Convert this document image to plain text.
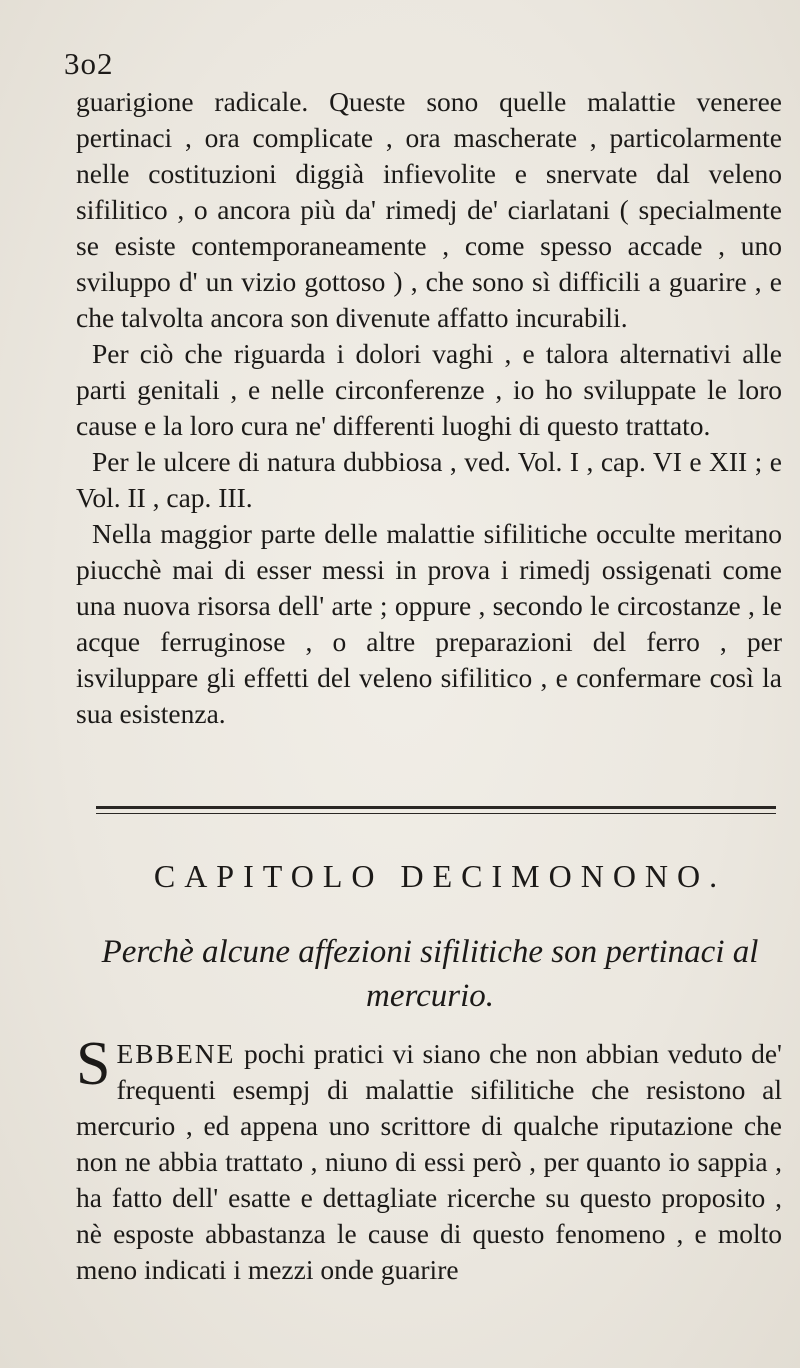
3o2

guarigione radicale. Queste sono quelle malattie veneree pertinaci , ora complicate , ora mascherate , particolarmente nelle costituzioni diggià infievolite e snervate dal veleno sifilitico , o ancora più da' rimedj de' ciarlatani ( specialmente se esiste contemporaneamente , come spesso accade , uno sviluppo d' un vizio gottoso ) , che sono sì difficili a guarire , e che talvolta ancora son divenute affatto incurabili.

Per ciò che riguarda i dolori vaghi , e talora alternativi alle parti genitali , e nelle circonferenze , io ho sviluppate le loro cause e la loro cura ne' differenti luoghi di questo trattato.

Per le ulcere di natura dubbiosa , ved. Vol. I , cap. VI e XII ; e Vol. II , cap. III.

Nella maggior parte delle malattie sifilitiche occulte meritano piucchè mai di esser messi in prova i rimedj ossigenati come una nuova risorsa dell' arte ; oppure , secondo le circostanze , le acque ferruginose , o altre preparazioni del ferro , per isviluppare gli effetti del veleno sifilitico , e confermare così la sua esistenza.

CAPITOLO DECIMONONO.
Perchè alcune affezioni sifilitiche son pertinaci al mercurio.

SEBBENE pochi pratici vi siano che non abbian veduto de' frequenti esempj di malattie sifilitiche che resistono al mercurio , ed appena uno scrittore di qualche riputazione che non ne abbia trattato , niuno di essi però , per quanto io sappia , ha fatto dell' esatte e dettagliate ricerche su questo proposito , nè esposte abbastanza le cause di questo fenomeno , e molto meno indicati i mezzi onde guarire
